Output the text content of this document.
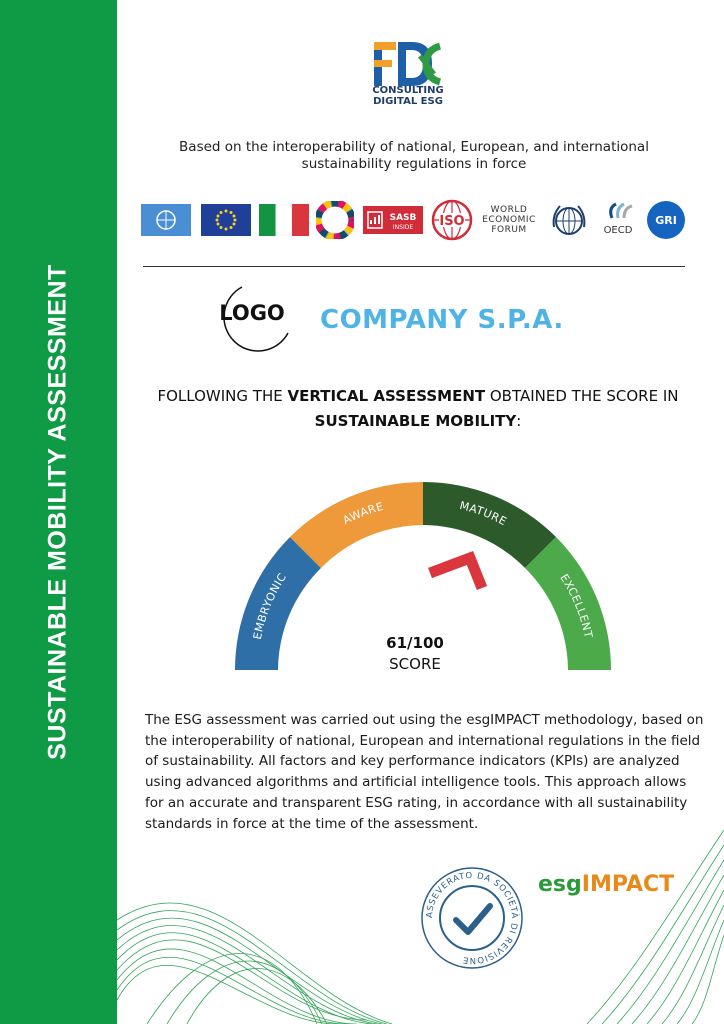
SUSTAINABLE MOBILITY ASSESSMENT
CONSULTING
DIGITAL ESG
Based on the interoperability of national, European, and international sustainability regulations in force
SASB
INSIDE ISO
WORLD
ECONOMIC
FORUM	OECD
GRI
LOGO COMPANY S.P.A.
FOLLOWING THE VERTICAL ASSESSMENT OBTAINED THE SCORE IN
SUSTAINABLE MOBILITY:
EMBRYONIC
AWARE	MATURE
EXCELLENT
61/100
SCORE
The ESG assessment was carried out using the esgIMPACT methodology, based on the interoperability of national, European and international regulations in the field of sustainability. All factors and key performance indicators (KPIs) are analyzed using advanced algorithms and artificial intelligence tools. This approach allows for an accurate and transparent ESG rating, in accordance with all sustainability standards in force at the time of the assessment.
ASSEVERATO DA SOCIETÀ DI REVISIONE
esgIMPACT
